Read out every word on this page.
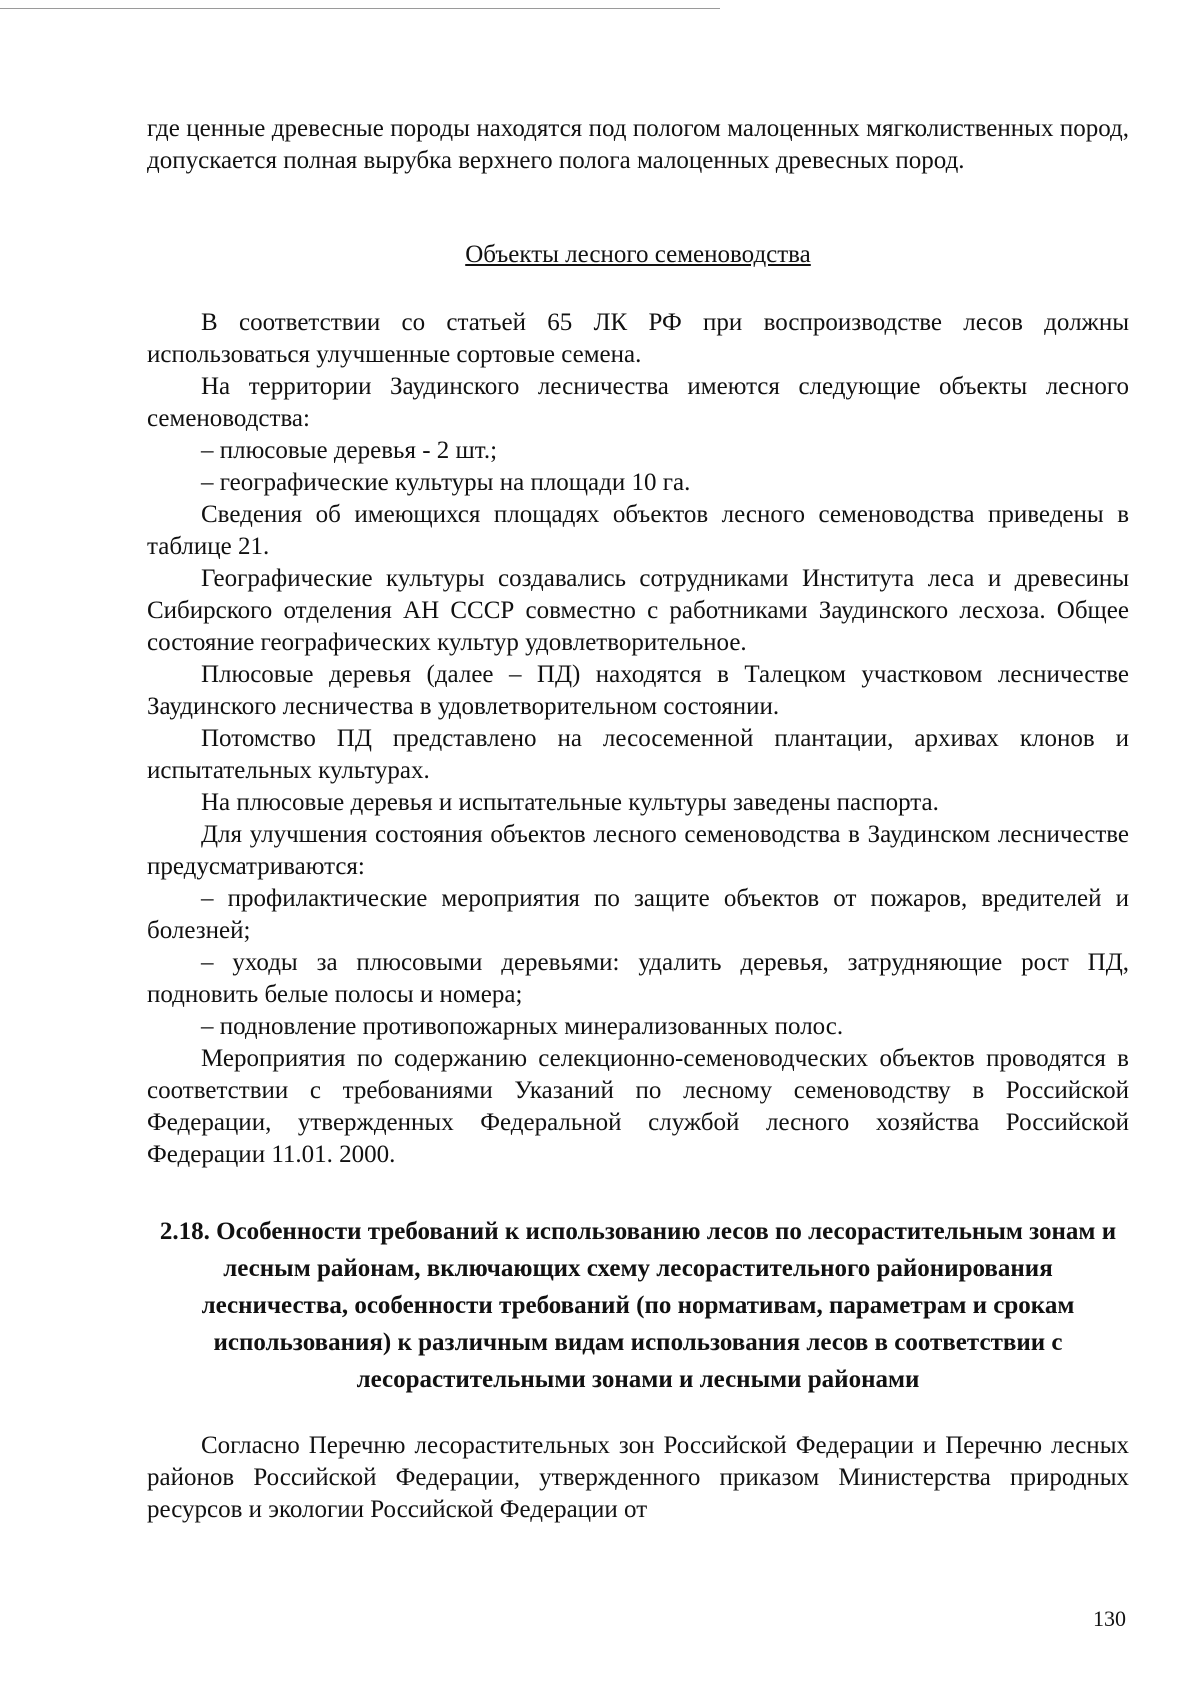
где ценные древесные породы находятся под пологом малоценных мягколиственных пород, допускается полная вырубка верхнего полога малоценных древесных пород.

Объекты лесного семеноводства

В соответствии со статьей 65 ЛК РФ при воспроизводстве лесов должны использоваться улучшенные сортовые семена.

На территории Заудинского лесничества имеются следующие объекты лесного семеноводства:

– плюсовые деревья - 2 шт.;

– географические культуры на площади 10 га.

Сведения об имеющихся площадях объектов лесного семеноводства приведены в таблице 21.

Географические культуры создавались сотрудниками Института леса и древесины Сибирского отделения АН СССР совместно с работниками Заудинского лесхоза. Общее состояние географических культур удовлетворительное.

Плюсовые деревья (далее – ПД) находятся в Талецком участковом лесничестве Заудинского лесничества в удовлетворительном состоянии.

Потомство ПД представлено на лесосеменной плантации, архивах клонов и испытательных культурах.

На плюсовые деревья и испытательные культуры заведены паспорта.

Для улучшения состояния объектов лесного семеноводства в Заудинском лесничестве предусматриваются:

– профилактические мероприятия по защите объектов от пожаров, вредителей и болезней;

– уходы за плюсовыми деревьями: удалить деревья, затрудняющие рост ПД, подновить белые полосы и номера;

– подновление противопожарных минерализованных полос.

Мероприятия по содержанию селекционно-семеноводческих объектов проводятся в соответствии с требованиями Указаний по лесному семеноводству в Российской Федерации, утвержденных Федеральной службой лесного хозяйства Российской Федерации 11.01. 2000.

2.18. Особенности требований к использованию лесов по лесорастительным зонам и лесным районам, включающих схему лесорастительного районирования лесничества, особенности требований (по нормативам, параметрам и срокам использования) к различным видам использования лесов в соответствии с лесорастительными зонами и лесными районами

Согласно Перечню лесорастительных зон Российской Федерации и Перечню лесных районов Российской Федерации, утвержденного приказом Министерства природных ресурсов и экологии Российской Федерации от

130
